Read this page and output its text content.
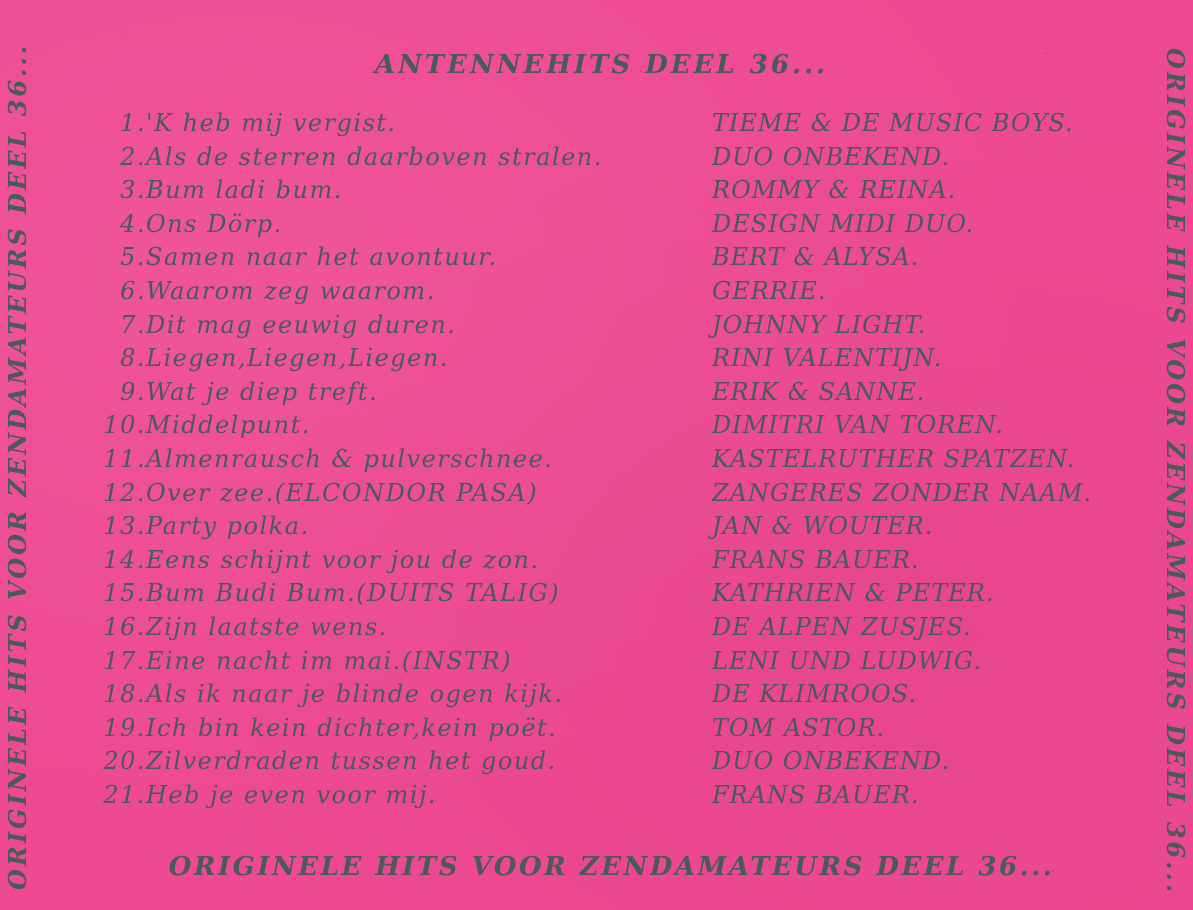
ORIGINELE HITS VOOR ZENDAMATEURS DEEL 36...	ORIGINELE HITS VOOR ZENDAMATEURS DEEL 36...
ANTENNEHITS DEEL 36...
1.'K heb mij vergist.	TIEME & DE MUSIC BOYS.
2.Als de sterren daarboven stralen.	DUO ONBEKEND.
3.Bum ladi bum.	ROMMY & REINA.
4.Ons Dörp.	DESIGN MIDI DUO.
5.Samen naar het avontuur.	BERT & ALYSA.
6.Waarom zeg waarom.	GERRIE.
7.Dit mag eeuwig duren.	JOHNNY LIGHT.
8.Liegen,Liegen,Liegen.	RINI VALENTIJN.
9.Wat je diep treft.	ERIK & SANNE.
10.Middelpunt.	DIMITRI VAN TOREN.
11.Almenrausch & pulverschnee.	KASTELRUTHER SPATZEN.
12.Over zee.(ELCONDOR PASA)	ZANGERES ZONDER NAAM.
13.Party polka.	JAN & WOUTER.
14.Eens schijnt voor jou de zon.	FRANS BAUER.
15.Bum Budi Bum.(DUITS TALIG)	KATHRIEN & PETER.
16.Zijn laatste wens.	DE ALPEN ZUSJES.
17.Eine nacht im mai.(INSTR)	LENI UND LUDWIG.
18.Als ik naar je blinde ogen kijk.	DE KLIMROOS.
19.Ich bin kein dichter,kein poët.	TOM ASTOR.
20.Zilverdraden tussen het goud.	DUO ONBEKEND.
21.Heb je even voor mij.	FRANS BAUER.
ORIGINELE HITS VOOR ZENDAMATEURS DEEL 36...
